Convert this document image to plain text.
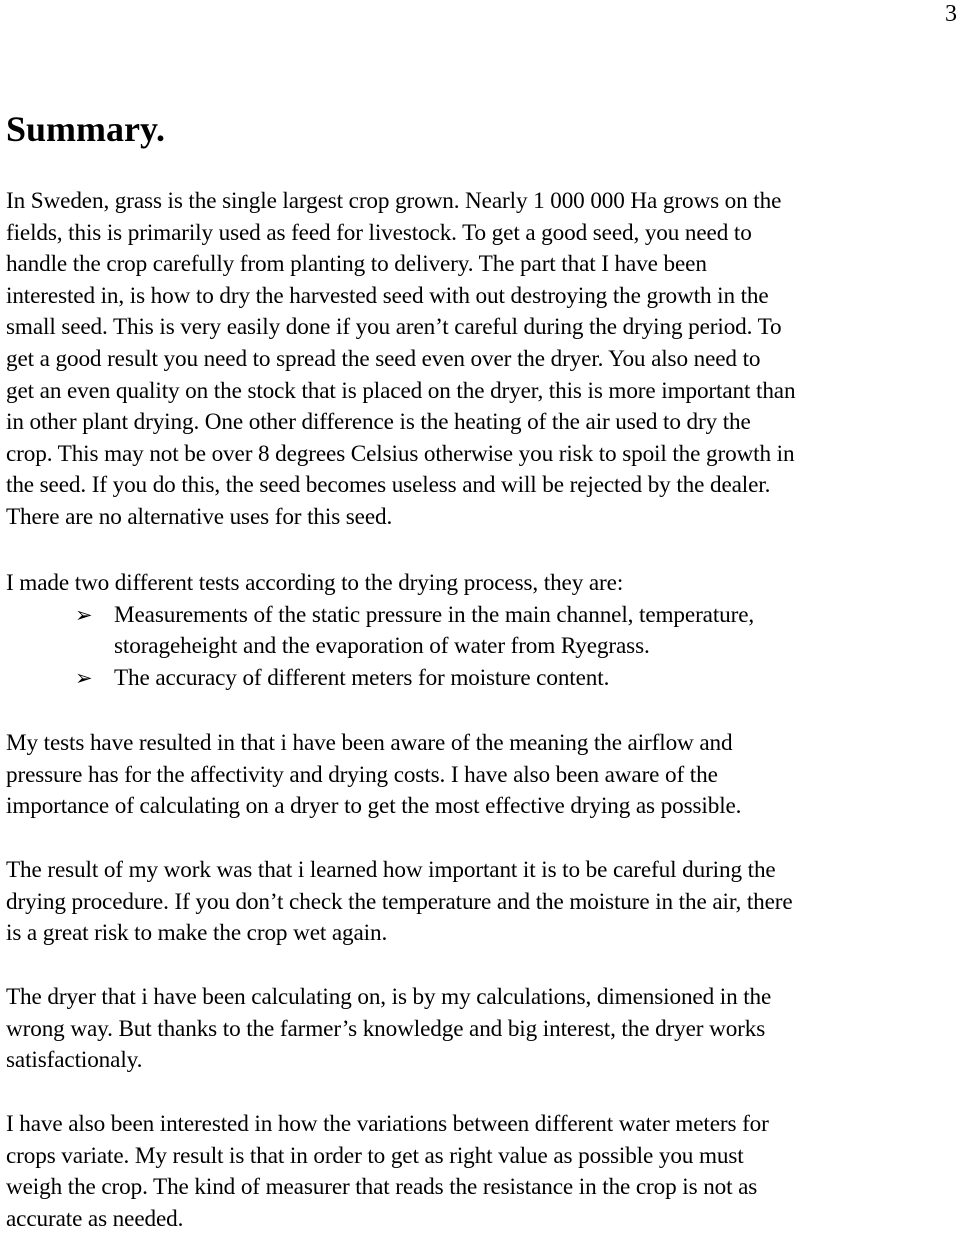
3
Summary.
In Sweden, grass is the single largest crop grown. Nearly 1 000 000 Ha grows on the
fields, this is primarily used as feed for livestock. To get a good seed, you need to
handle the crop carefully from planting to delivery. The part that I have been
interested in, is how to dry the harvested seed with out destroying the growth in the
small seed. This is very easily done if you aren’t careful during the drying period. To
get a good result you need to spread the seed even over the dryer. You also need to
get an even quality on the stock that is placed on the dryer, this is more important than
in other plant drying. One other difference is the heating of the air used to dry the
crop. This may not be over 8 degrees Celsius otherwise you risk to spoil the growth in
the seed. If you do this, the seed becomes useless and will be rejected by the dealer.
There are no alternative uses for this seed.
I made two different tests according to the drying process, they are:
➢ Measurements of the static pressure in the main channel, temperature,
storageheight and the evaporation of water from Ryegrass.
➢ The accuracy of different meters for moisture content.
My tests have resulted in that i have been aware of the meaning the airflow and
pressure has for the affectivity and drying costs. I have also been aware of the
importance of calculating on a dryer to get the most effective drying as possible.
The result of my work was that i learned how important it is to be careful during the
drying procedure. If you don’t check the temperature and the moisture in the air, there
is a great risk to make the crop wet again.
The dryer that i have been calculating on, is by my calculations, dimensioned in the
wrong way. But thanks to the farmer’s knowledge and big interest, the dryer works
satisfactionaly.
I have also been interested in how the variations between different water meters for
crops variate. My result is that in order to get as right value as possible you must
weigh the crop. The kind of measurer that reads the resistance in the crop is not as
accurate as needed.
